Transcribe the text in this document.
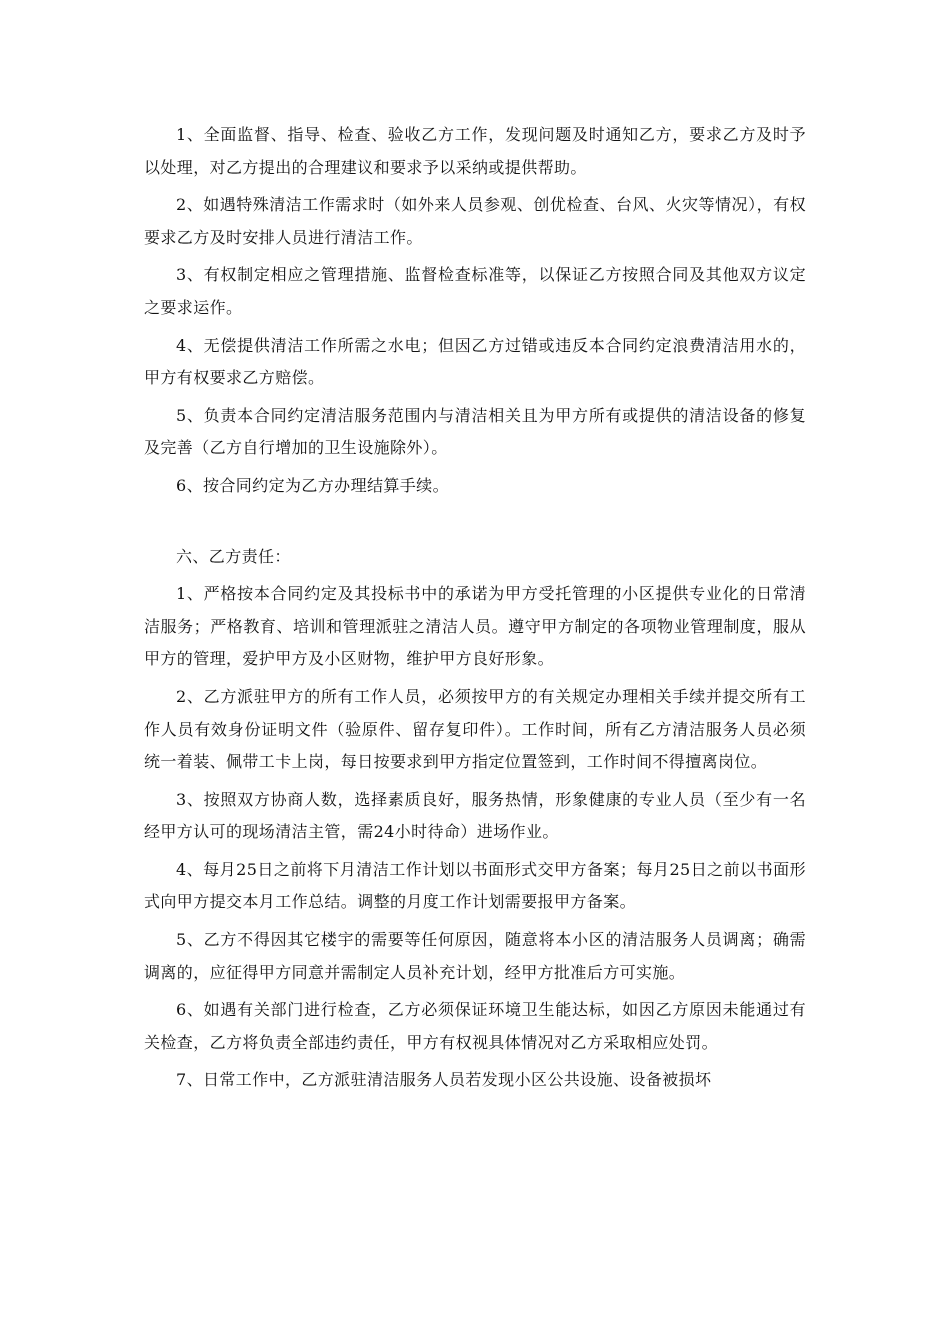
1、全面监督、指导、检查、验收乙方工作，发现问题及时通知乙方，要求乙方及时予以处理，对乙方提出的合理建议和要求予以采纳或提供帮助。

2、如遇特殊清洁工作需求时（如外来人员参观、创优检查、台风、火灾等情况），有权要求乙方及时安排人员进行清洁工作。

3、有权制定相应之管理措施、监督检查标准等，以保证乙方按照合同及其他双方议定之要求运作。

4、无偿提供清洁工作所需之水电；但因乙方过错或违反本合同约定浪费清洁用水的，甲方有权要求乙方赔偿。

5、负责本合同约定清洁服务范围内与清洁相关且为甲方所有或提供的清洁设备的修复及完善（乙方自行增加的卫生设施除外）。

6、按合同约定为乙方办理结算手续。

六、乙方责任：

1、严格按本合同约定及其投标书中的承诺为甲方受托管理的小区提供专业化的日常清洁服务；严格教育、培训和管理派驻之清洁人员。遵守甲方制定的各项物业管理制度，服从甲方的管理，爱护甲方及小区财物，维护甲方良好形象。

2、乙方派驻甲方的所有工作人员，必须按甲方的有关规定办理相关手续并提交所有工作人员有效身份证明文件（验原件、留存复印件）。工作时间，所有乙方清洁服务人员必须统一着装、佩带工卡上岗，每日按要求到甲方指定位置签到，工作时间不得擅离岗位。

3、按照双方协商人数，选择素质良好，服务热情，形象健康的专业人员（至少有一名经甲方认可的现场清洁主管，需24小时待命）进场作业。

4、每月25日之前将下月清洁工作计划以书面形式交甲方备案；每月25日之前以书面形式向甲方提交本月工作总结。调整的月度工作计划需要报甲方备案。

5、乙方不得因其它楼宇的需要等任何原因，随意将本小区的清洁服务人员调离；确需调离的，应征得甲方同意并需制定人员补充计划，经甲方批准后方可实施。

6、如遇有关部门进行检查，乙方必须保证环境卫生能达标，如因乙方原因未能通过有关检查，乙方将负责全部违约责任，甲方有权视具体情况对乙方采取相应处罚。

7、日常工作中，乙方派驻清洁服务人员若发现小区公共设施、设备被损坏
